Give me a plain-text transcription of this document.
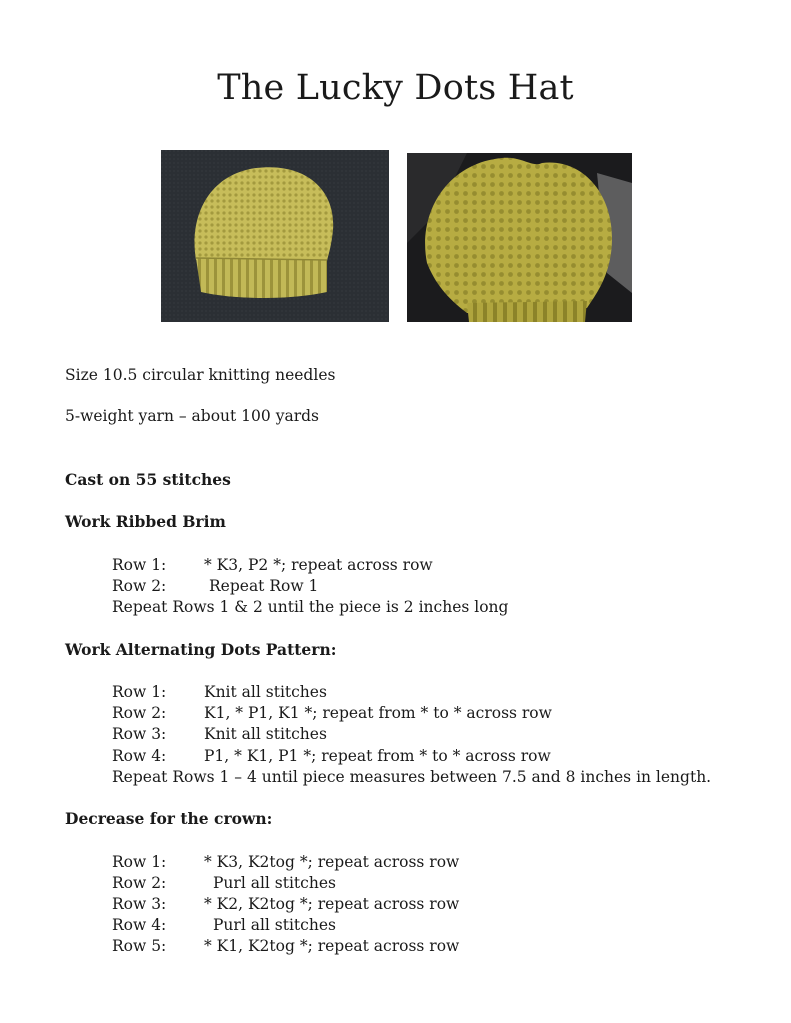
The Lucky Dots Hat
Size 10.5 circular knitting needles
5-weight yarn – about 100 yards
Cast on 55 stitches
Work Ribbed Brim
Row 1: * K3, P2 *; repeat across row
Row 2:	Repeat Row 1
Repeat Rows 1 & 2 until the piece is 2 inches long
Work Alternating Dots Pattern:
Row 1: Knit all stitches
Row 2: K1, * P1, K1 *; repeat from * to * across row
Row 3: Knit all stitches
Row 4: P1, * K1, P1 *; repeat from * to * across row
Repeat Rows 1 – 4 until piece measures between 7.5 and 8 inches in length.
Decrease for the crown:
Row 1: * K3, K2tog *; repeat across row
Row 2:	Purl all stitches
Row 3: * K2, K2tog *; repeat across row
Row 4:	Purl all stitches
Row 5: * K1, K2tog *; repeat across row
